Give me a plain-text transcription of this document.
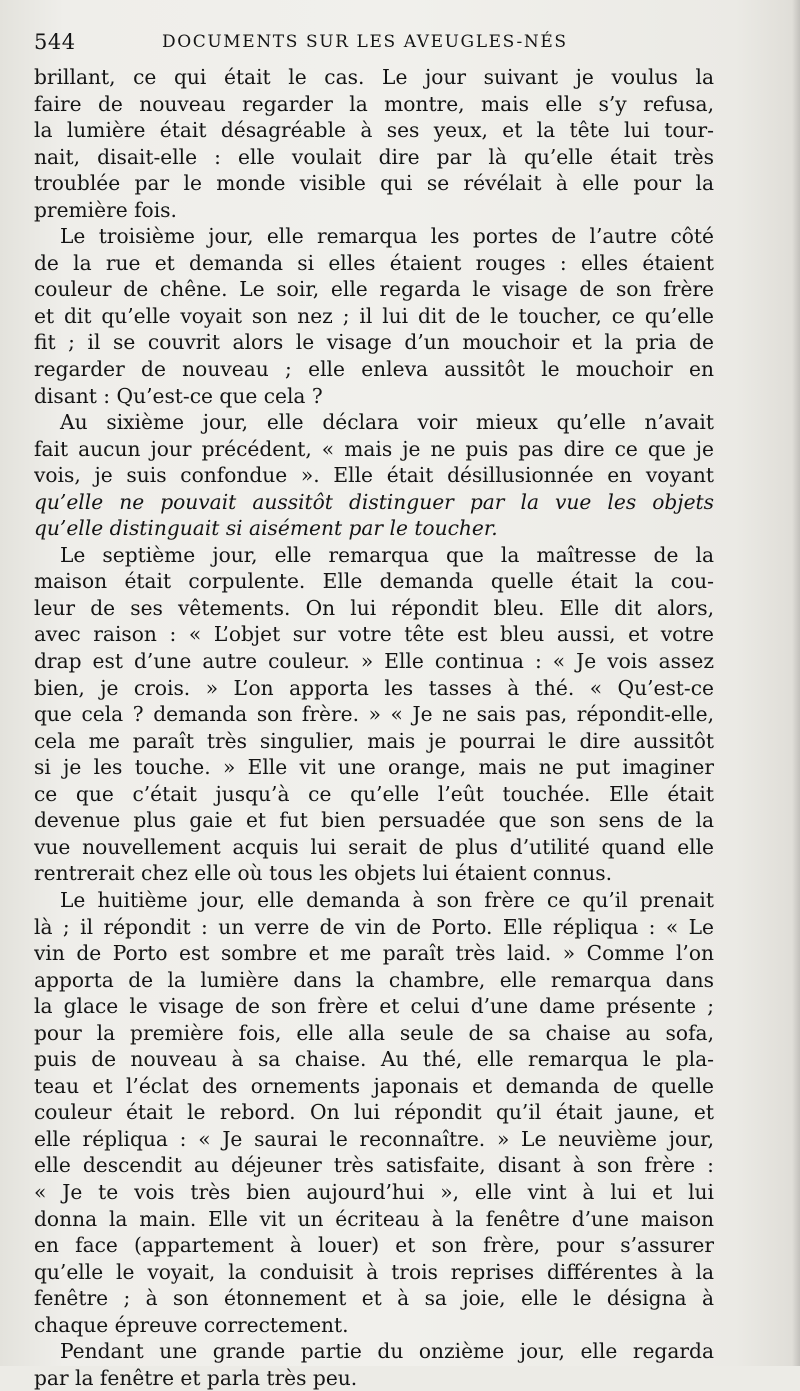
544	DOCUMENTS SUR LES AVEUGLES-NÉS
brillant, ce qui était le cas. Le jour suivant je voulus la
faire de nouveau regarder la montre, mais elle s’y refusa,
la lumière était désagréable à ses yeux, et la tête lui tour-
nait, disait-elle : elle voulait dire par là qu’elle était très
troublée par le monde visible qui se révélait à elle pour la
première fois.
Le troisième jour, elle remarqua les portes de l’autre côté
de la rue et demanda si elles étaient rouges : elles étaient
couleur de chêne. Le soir, elle regarda le visage de son frère
et dit qu’elle voyait son nez ; il lui dit de le toucher, ce qu’elle
fit ; il se couvrit alors le visage d’un mouchoir et la pria de
regarder de nouveau ; elle enleva aussitôt le mouchoir en
disant : Qu’est-ce que cela ?
Au sixième jour, elle déclara voir mieux qu’elle n’avait
fait aucun jour précédent, « mais je ne puis pas dire ce que je
vois, je suis confondue ». Elle était désillusionnée en voyant
qu’elle ne pouvait aussitôt distinguer par la vue les objets
qu’elle distinguait si aisément par le toucher.
Le septième jour, elle remarqua que la maîtresse de la
maison était corpulente. Elle demanda quelle était la cou-
leur de ses vêtements. On lui répondit bleu. Elle dit alors,
avec raison : « L’objet sur votre tête est bleu aussi, et votre
drap est d’une autre couleur. » Elle continua : « Je vois assez
bien, je crois. » L’on apporta les tasses à thé. « Qu’est-ce
que cela ? demanda son frère. » « Je ne sais pas, répondit-elle,
cela me paraît très singulier, mais je pourrai le dire aussitôt
si je les touche. » Elle vit une orange, mais ne put imaginer
ce que c’était jusqu’à ce qu’elle l’eût touchée. Elle était
devenue plus gaie et fut bien persuadée que son sens de la
vue nouvellement acquis lui serait de plus d’utilité quand elle
rentrerait chez elle où tous les objets lui étaient connus.
Le huitième jour, elle demanda à son frère ce qu’il prenait
là ; il répondit : un verre de vin de Porto. Elle répliqua : « Le
vin de Porto est sombre et me paraît très laid. » Comme l’on
apporta de la lumière dans la chambre, elle remarqua dans
la glace le visage de son frère et celui d’une dame présente ;
pour la première fois, elle alla seule de sa chaise au sofa,
puis de nouveau à sa chaise. Au thé, elle remarqua le pla-
teau et l’éclat des ornements japonais et demanda de quelle
couleur était le rebord. On lui répondit qu’il était jaune, et
elle répliqua : « Je saurai le reconnaître. » Le neuvième jour,
elle descendit au déjeuner très satisfaite, disant à son frère :
« Je te vois très bien aujourd’hui », elle vint à lui et lui
donna la main. Elle vit un écriteau à la fenêtre d’une maison
en face (appartement à louer) et son frère, pour s’assurer
qu’elle le voyait, la conduisit à trois reprises différentes à la
fenêtre ; à son étonnement et à sa joie, elle le désigna à
chaque épreuve correctement.
Pendant une grande partie du onzième jour, elle regarda
par la fenêtre et parla très peu.
